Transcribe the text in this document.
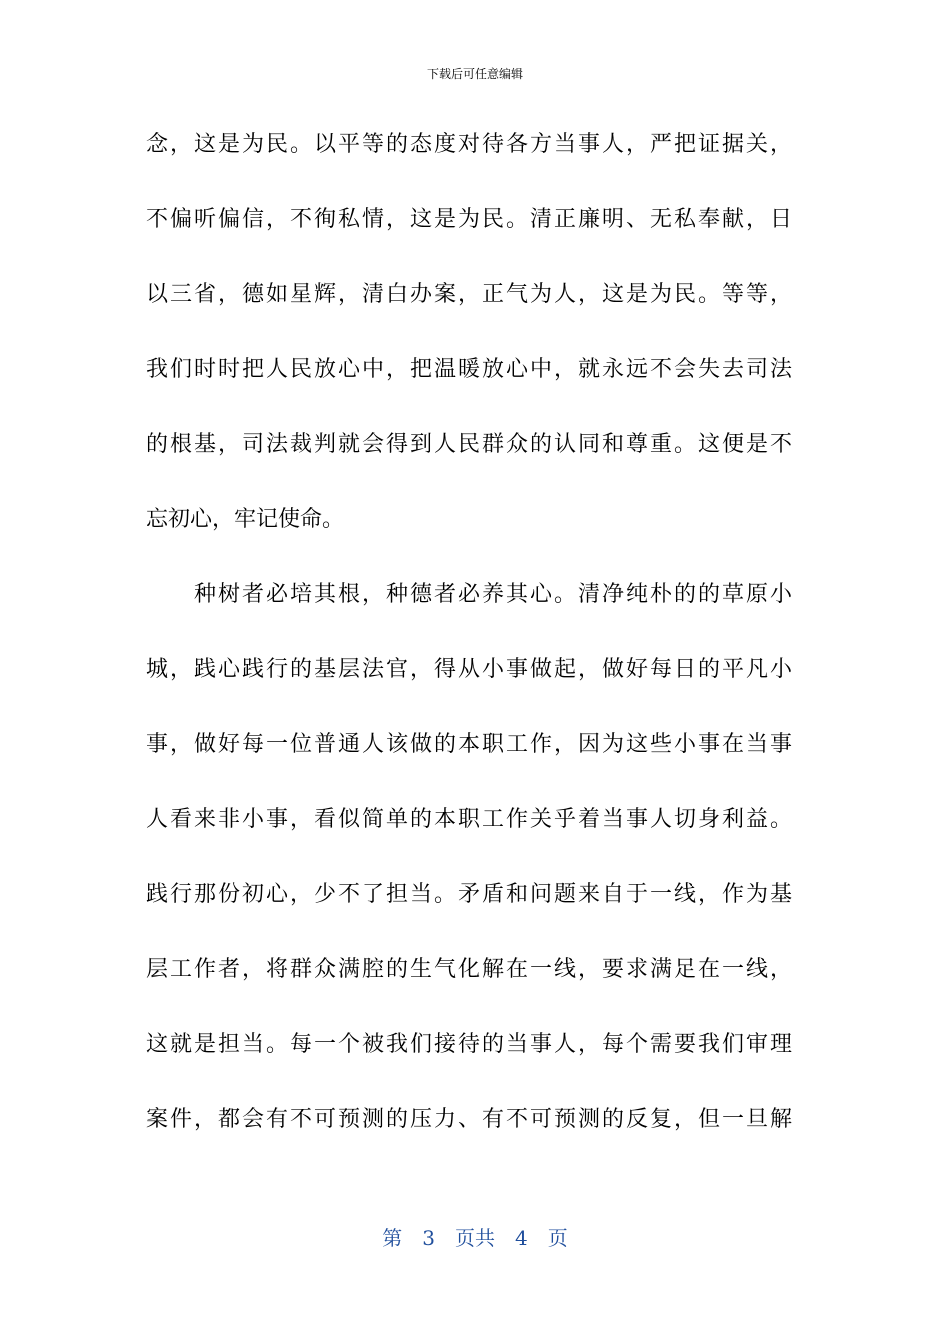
下载后可任意编辑
念，这是为民。以平等的态度对待各方当事人，严把证据关，
不偏听偏信，不徇私情，这是为民。清正廉明、无私奉献，日
以三省，德如星辉，清白办案，正气为人，这是为民。等等，
我们时时把人民放心中，把温暖放心中，就永远不会失去司法
的根基，司法裁判就会得到人民群众的认同和尊重。这便是不
忘初心，牢记使命。
　　种树者必培其根，种德者必养其心。清净纯朴的的草原小
城，践心践行的基层法官，得从小事做起，做好每日的平凡小
事，做好每一位普通人该做的本职工作，因为这些小事在当事
人看来非小事，看似简单的本职工作关乎着当事人切身利益。
践行那份初心，少不了担当。矛盾和问题来自于一线，作为基
层工作者，将群众满腔的生气化解在一线，要求满足在一线，
这就是担当。每一个被我们接待的当事人，每个需要我们审理
案件，都会有不可预测的压力、有不可预测的反复，但一旦解
第　3　页共　4　页
